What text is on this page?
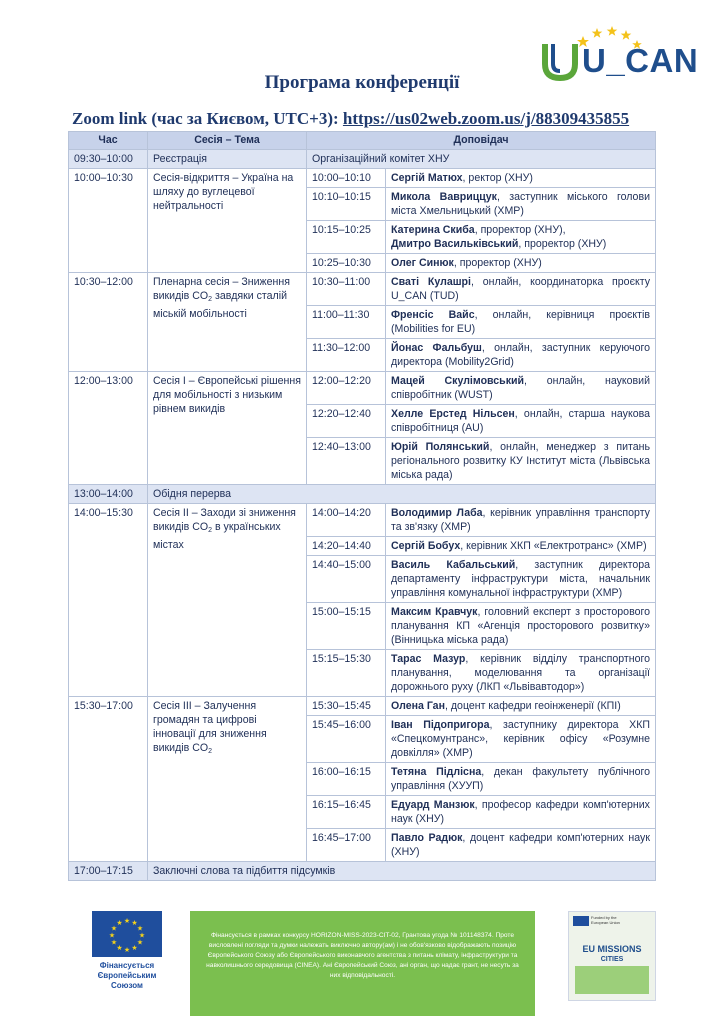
U_CAN
Програма конференції
Zoom link (час за Києвом, UTC+3): https://us02web.zoom.us/j/88309435855
Час	Сесія – Тема	Доповідач	
09:30–10:00	Реєстрація	Організаційний комітет ХНУ	
10:00–10:30	Сесія-відкриття – Україна на шляху до вуглецевої нейтральності	10:00–10:10	Сергій Матюх, ректор (ХНУ)
		10:10–10:15	Микола Вавриццук, заступник міського голови міста Хмельницький (ХМР)
		10:15–10:25	Катерина Скиба, проректор (ХНУ),
Дмитро Васильківський, проректор (ХНУ)
		10:25–10:30	Олег Синюк, проректор (ХНУ)
10:30–12:00	Пленарна сесія – Зниження викидів $CO_2$ завдяки сталій міській мобільності	10:30–11:00	Сваті Кулашрі, онлайн, координаторка проєкту U_CAN (TUD)
		11:00–11:30	Френсіс Вайс, онлайн, керівниця проєктів (Mobilities for EU)
		11:30–12:00	Йонас Фальбуш, онлайн, заступник керуючого директора (Mobility2Grid)
12:00–13:00	Сесія I – Європейські рішення для мобільності з низьким рівнем викидів	12:00–12:20	Мацей Скулімовський, онлайн, науковий співробітник (WUST)
		12:20–12:40	Хелле Ерстед Нільсен, онлайн, старша наукова співробітниця (AU)
		12:40–13:00	Юрій Полянський, онлайн, менеджер з питань регіонального розвитку КУ Інститут міста (Львівська міська рада)
13:00–14:00	Обідня перерва		
14:00–15:30	Сесія II – Заходи зі зниження викидів $CO_2$ в українських містах	14:00–14:20	Володимир Лаба, керівник управління транспорту та зв'язку (ХМР)
		14:20–14:40	Сергій Бобух, керівник ХКП «Електротранс» (ХМР)
		14:40–15:00	Василь Кабальський, заступник директора департаменту інфраструктури міста, начальник управління комунальної інфраструктури (ХМР)
		15:00–15:15	Максим Кравчук, головний експерт з просторового планування КП «Агенція просторового розвитку» (Вінницька міська рада)
		15:15–15:30	Тарас Мазур, керівник відділу транспортного планування, моделювання та організації дорожнього руху (ЛКП «Львівавтодор»)
15:30–17:00	Сесія III – Залучення громадян та цифрові інновації для зниження викидів $CO_2$	15:30–15:45	Олена Ган, доцент кафедри геоінженерії (КПІ)
		15:45–16:00	Іван Підопригора, заступнику директора ХКП «Спецкомунтранс», керівник офісу «Розумне довкілля» (ХМР)
		16:00–16:15	Тетяна Підлісна, декан факультету публічного управління (ХУУП)
		16:15–16:45	Едуард Манзюк, професор кафедри комп'ютерних наук (ХНУ)
		16:45–17:00	Павло Радюк, доцент кафедри комп'ютерних наук (ХНУ)
17:00–17:15	Заключні слова та підбиття підсумків		
★ ★
★
★
★
★
★
★
★
★
★
★
Фінансується Європейським Союзом
Фінансується в рамках конкурсу HORIZON-MISS-2023-CIT-02, Грантова угода № 101148374. Проте висловлені погляди та думки належать виключно автору(ам) і не обов'язково відображають позицію Європейського Союзу або Європейського виконавчого агентства з питань клімату, інфраструктури та навколишнього середовища (CINEA). Ані Європейський Союз, ані орган, що надає грант, не несуть за них відповідальності.
Funded by the European Union
EU MISSIONS
CITIES
